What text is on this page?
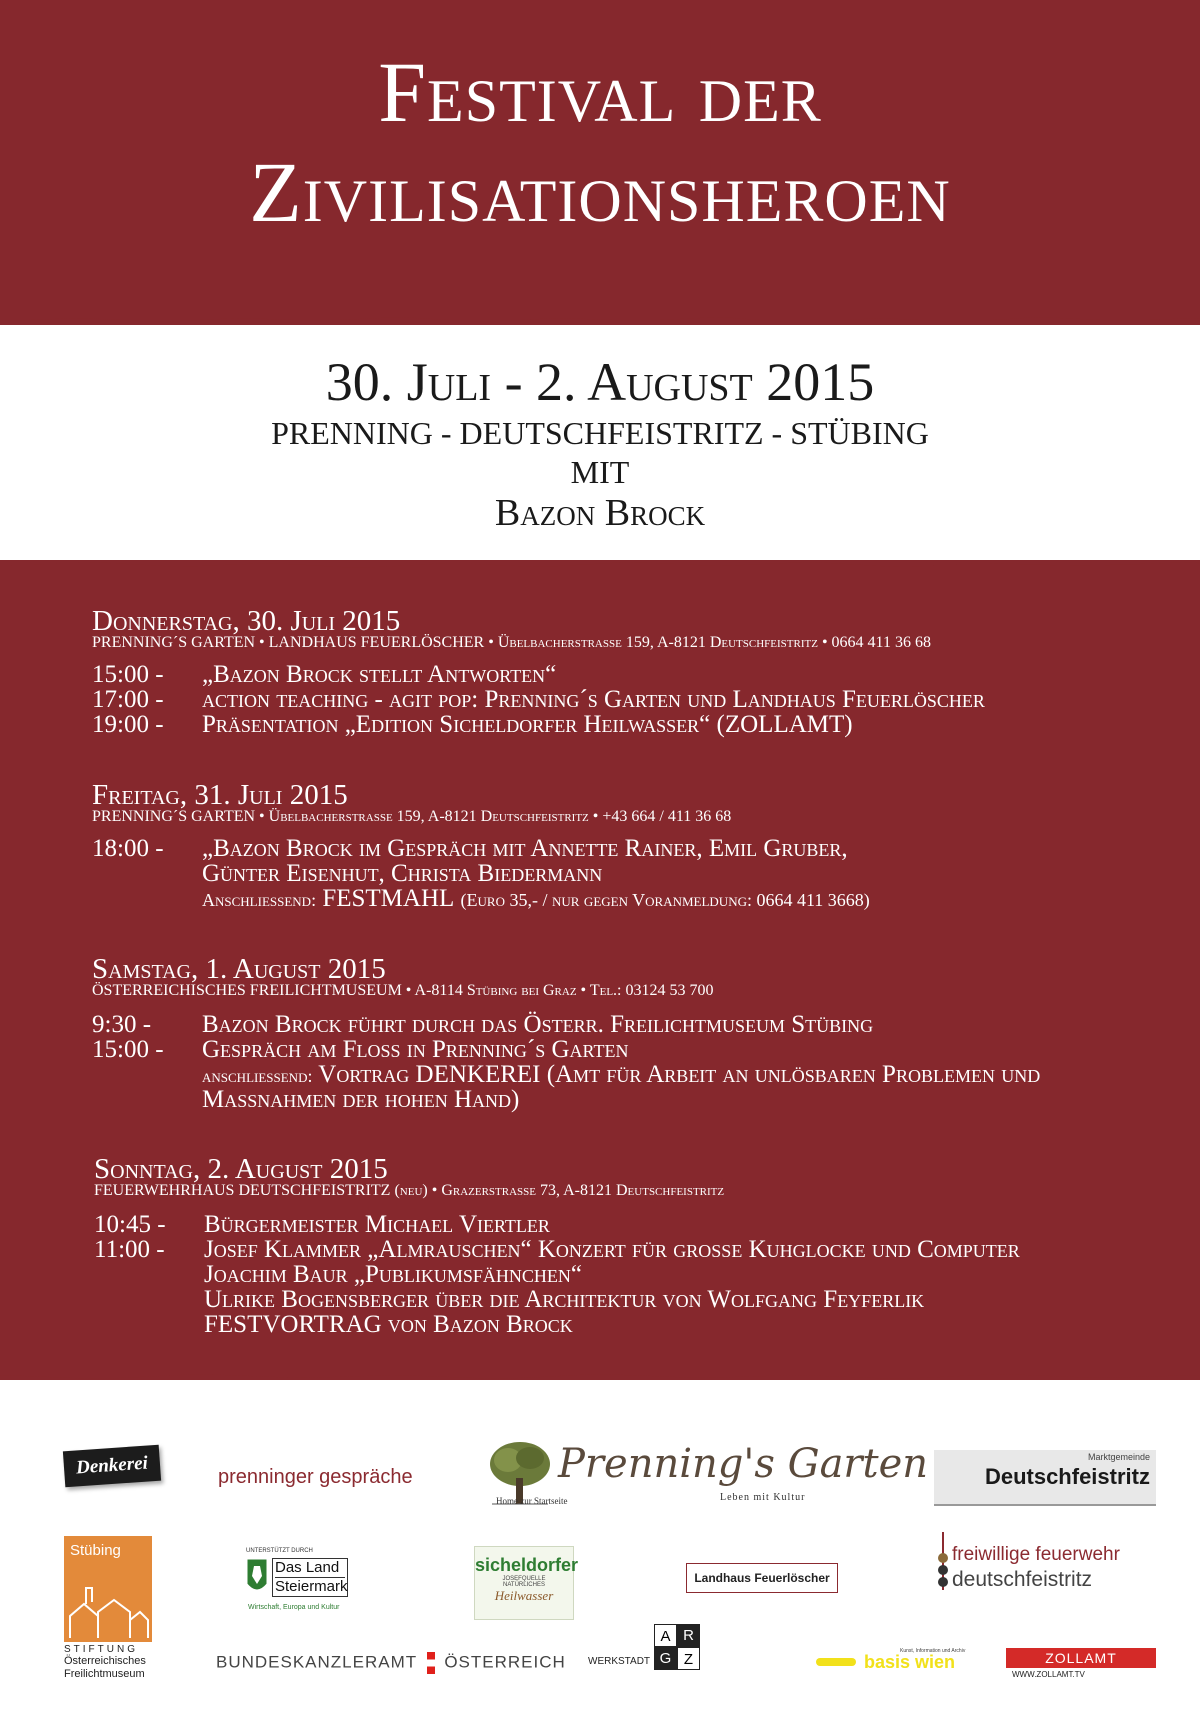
Festival der
Zivilisationsheroen
30. Juli - 2. August 2015
PRENNING - DEUTSCHFEISTRITZ - STÜBING
MIT
Bazon Brock
Donnerstag, 30. Juli 2015
PRENNING´S GARTEN • LANDHAUS FEUERLÖSCHER • Übelbacherstrasse 159, A-8121 Deutschfeistritz • 0664 411 36 68
15:00 - „Bazon Brock stellt Antworten“
17:00 - action teaching - agit pop: Prenning´s Garten und Landhaus Feuerlöscher
19:00 - Präsentation „Edition Sicheldorfer Heilwasser“ (ZOLLAMT)
Freitag, 31. Juli 2015
PRENNING´S GARTEN • Übelbacherstrasse 159, A-8121 Deutschfeistritz • +43 664 / 411 36 68
18:00 - „Bazon Brock im Gespräch mit Annette Rainer, Emil Gruber,
Günter Eisenhut, Christa Biedermann
Anschliessend: FESTMAHL (Euro 35,- / nur gegen Voranmeldung: 0664 411 3668)
Samstag, 1. August 2015
ÖSTERREICHISCHES FREILICHTMUSEUM • A-8114 Stübing bei Graz • Tel.: 03124 53 700
9:30 - Bazon Brock führt durch das Österr. Freilichtmuseum Stübing
15:00 - Gespräch am Floss in Prenning´s Garten
anschliessend: Vortrag DENKEREI (Amt für Arbeit an unlösbaren Problemen und
Massnahmen der hohen Hand)
Sonntag, 2. August 2015
FEUERWEHRHAUS DEUTSCHFEISTRITZ (neu) • Grazerstrasse 73, A-8121 Deutschfeistritz
10:45 - Bürgermeister Michael Viertler
11:00 - Josef Klammer „Almrauschen“ Konzert für grosse Kuhglocke und Computer
Joachim Baur „Publikumsfähnchen“
Ulrike Bogensberger über die Architektur von Wolfgang Feyferlik
FESTVORTRAG von Bazon Brock
Denkerei	prenninger gespräche	Prenning's Garten
Home zur Startseite	Leben mit Kultur
Marktgemeinde
Deutschfeistritz
Stübing
STIFTUNG
Österreichisches
Freilichtmuseum
UNTERSTÜTZT DURCH
Das Land
Steiermark
Wirtschaft, Europa und Kultur
sicheldorfer
JOSEFQUELLE
NATÜRLICHES
Heilwasser
Landhaus Feuerlöscher
freiwillige feuerwehr
deutschfeistritz
BUNDESKANZLERAMT ÖSTERREICH WERKSTADT
A R
G Z	Kunst, Information und Archiv
basis wien	ZOLLAMT
WWW.ZOLLAMT.TV
